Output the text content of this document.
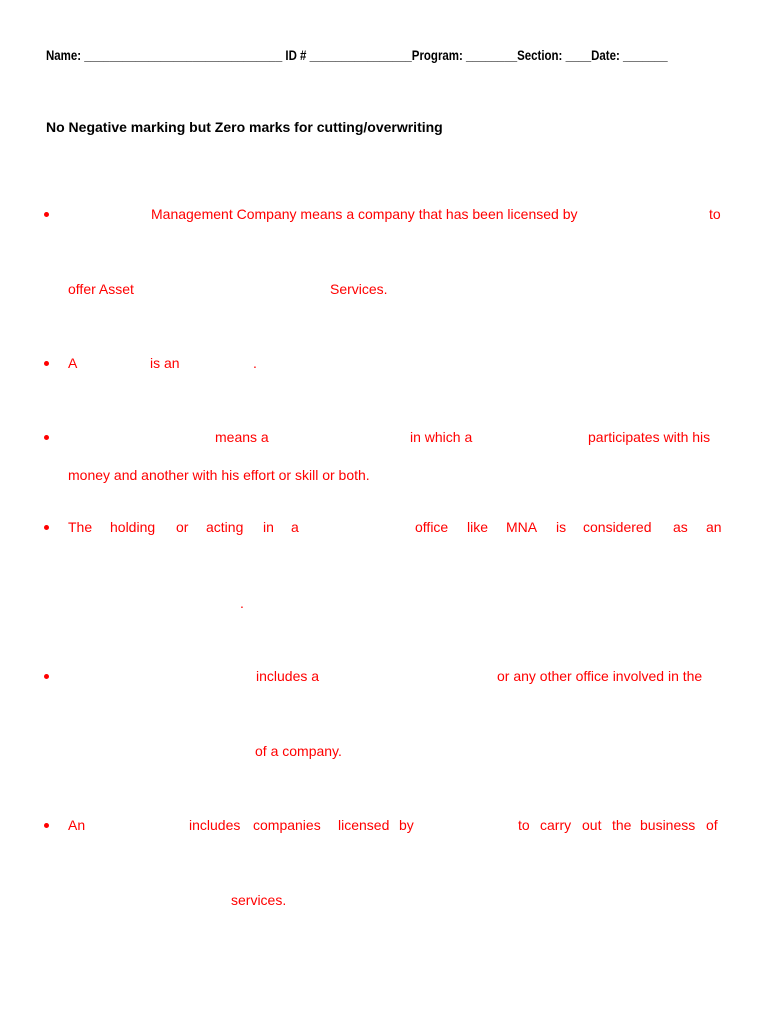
Name: _______________________________ ID # ________________Program: ________Section: ____Date: _______
No Negative marking but Zero marks for cutting/overwriting
Management Company means a company that has been licensed by	to
offer Asset	Services.
A	is an	.
means a	in which a	participates with his
money and another with his effort or skill or both.
The holding or acting in a	office like MNA is considered as an
.
includes a	or any other office involved in the
of a company.
An	includes companies licensed by	to carry out the business of
services.
